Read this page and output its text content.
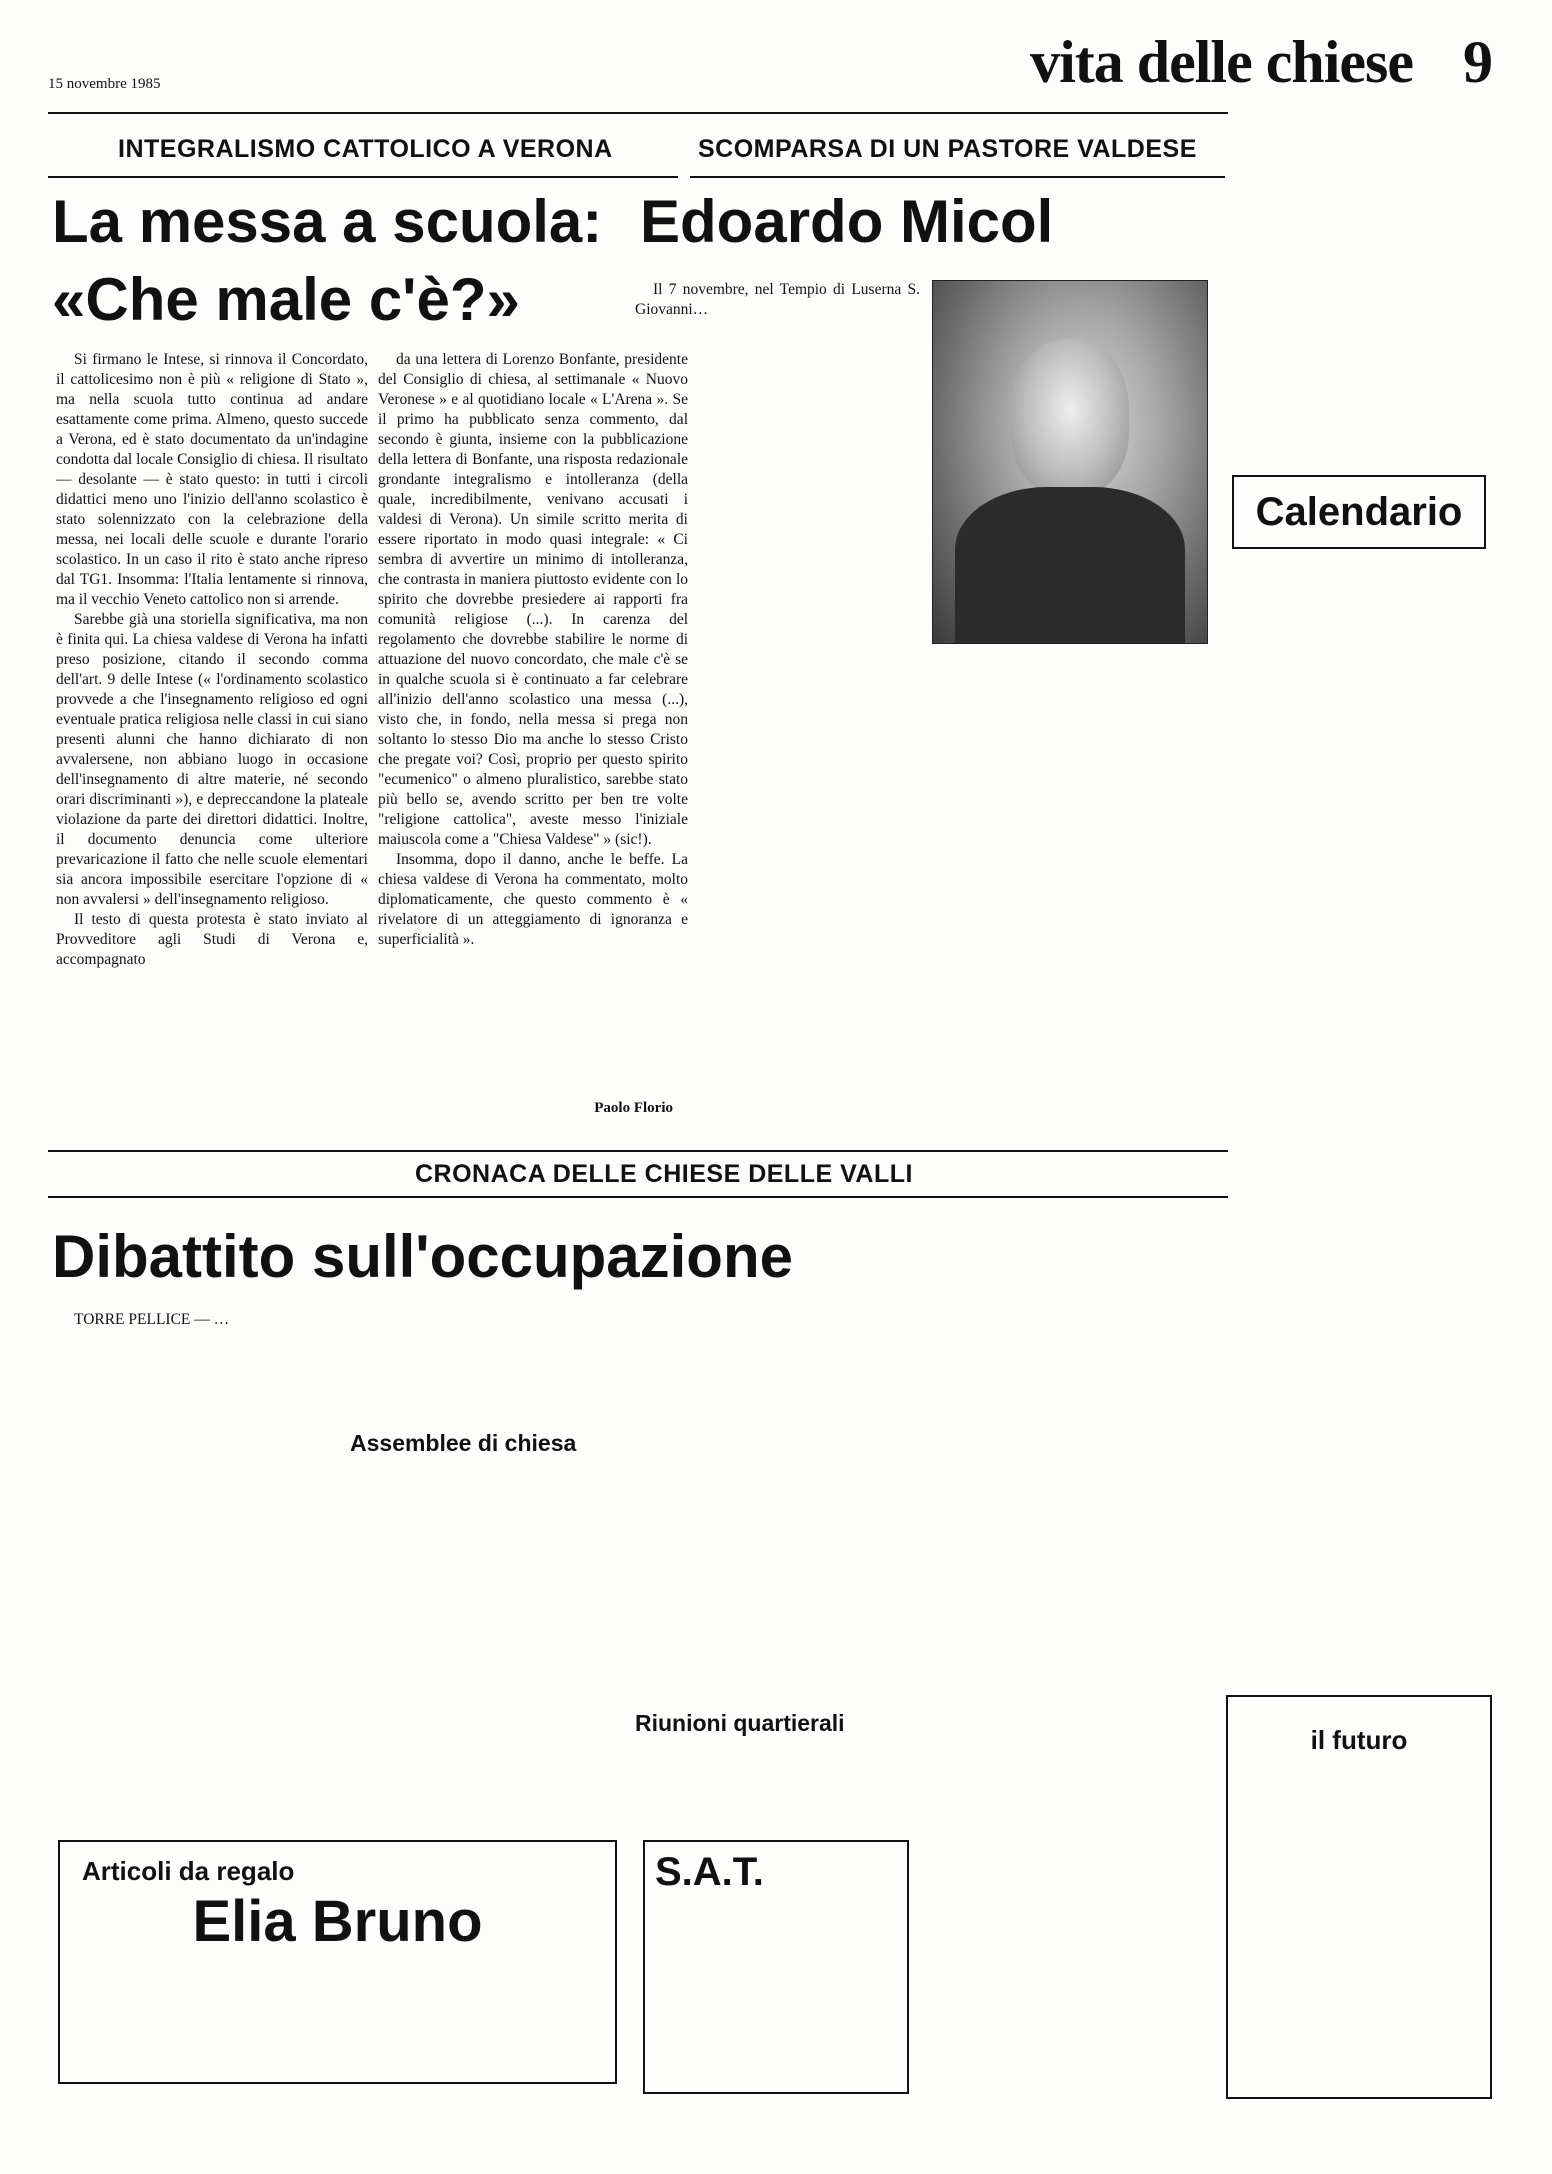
15 novembre 1985	vita delle chiese 9
INTEGRALISMO CATTOLICO A VERONA
La messa a scuola:
«Che male c'è?»

Si firmano le Intese, si rinnova il Concordato, il cattolicesimo non è più « religione di Stato », ma nella scuola tutto continua ad andare esattamente come prima. Almeno, questo succede a Verona, ed è stato documentato da un'indagine condotta dal locale Consiglio di chiesa. Il risultato — desolante — è stato questo: in tutti i circoli didattici meno uno l'inizio dell'anno scolastico è stato solennizzato con la celebrazione della messa, nei locali delle scuole e durante l'orario scolastico. In un caso il rito è stato anche ripreso dal TG1. Insomma: l'Italia lentamente si rinnova, ma il vecchio Veneto cattolico non si arrende.

Sarebbe già una storiella significativa, ma non è finita qui. La chiesa valdese di Verona ha infatti preso posizione, citando il secondo comma dell'art. 9 delle Intese (« l'ordinamento scolastico provvede a che l'insegnamento religioso ed ogni eventuale pratica religiosa nelle classi in cui siano presenti alunni che hanno dichiarato di non avvalersene, non abbiano luogo in occasione dell'insegnamento di altre materie, né secondo orari discriminanti »), e depreccandone la plateale violazione da parte dei direttori didattici. Inoltre, il documento denuncia come ulteriore prevaricazione il fatto che nelle scuole elementari sia ancora impossibile esercitare l'opzione di « non avvalersi » dell'insegnamento religioso.

Il testo di questa protesta è stato inviato al Provveditore agli Studi di Verona e, accompagnato

da una lettera di Lorenzo Bonfante, presidente del Consiglio di chiesa, al settimanale « Nuovo Veronese » e al quotidiano locale « L'Arena ». Se il primo ha pubblicato senza commento, dal secondo è giunta, insieme con la pubblicazione della lettera di Bonfante, una risposta redazionale grondante integralismo e intolleranza (della quale, incredibilmente, venivano accusati i valdesi di Verona). Un simile scritto merita di essere riportato in modo quasi integrale: « Ci sembra di avvertire un minimo di intolleranza, che contrasta in maniera piuttosto evidente con lo spirito che dovrebbe presiedere ai rapporti fra comunità religiose (...). In carenza del regolamento che dovrebbe stabilire le norme di attuazione del nuovo concordato, che male c'è se in qualche scuola si è continuato a far celebrare all'inizio dell'anno scolastico una messa (...), visto che, in fondo, nella messa si prega non soltanto lo stesso Dio ma anche lo stesso Cristo che pregate voi? Così, proprio per questo spirito "ecumenico" o almeno pluralistico, sarebbe stato più bello se, avendo scritto per ben tre volte "religione cattolica", aveste messo l'iniziale maiuscola come a "Chiesa Valdese" » (sic!).

Insomma, dopo il danno, anche le beffe. La chiesa valdese di Verona ha commentato, molto diplomaticamente, che questo commento è « rivelatore di un atteggiamento di ignoranza e superficialità ».

Paolo Florio
SCOMPARSA DI UN PASTORE VALDESE
Edoardo Micol

Il 7 novembre, nel Tempio di Luserna S. Giovanni…

CRONACA DELLE CHIESE DELLE VALLI
Dibattito sull'occupazione

TORRE PELLICE — …

Assemblee di chiesa
Riunioni quartierali
Calendario
Articoli da regalo
Elia Bruno
S.A.T.
il futuro
